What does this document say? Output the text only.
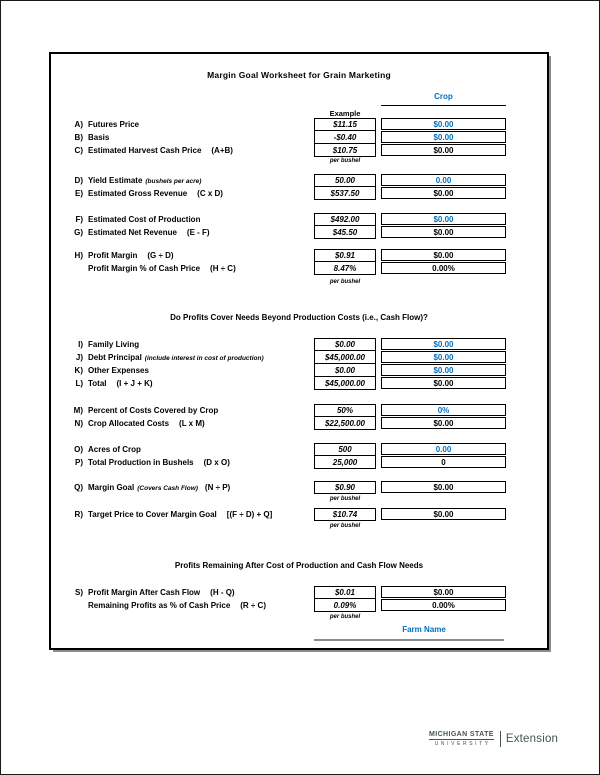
Margin Goal Worksheet for Grain Marketing
Crop
Example
A) Futures Price	$11.15	$0.00
B) Basis	-$0.40	$0.00
C) Estimated Harvest Cash Price (A+B)	$10.75	$0.00
D) Yield Estimate (bushels per acre)	50.00	0.00
E) Estimated Gross Revenue (C x D)	$537.50	$0.00
F) Estimated Cost of Production	$492.00	$0.00
G) Estimated Net Revenue (E - F)	$45.50	$0.00
H) Profit Margin (G ÷ D)	$0.91	$0.00
Profit Margin % of Cash Price (H ÷ C)	8.47%	0.00%
I) Family Living	$0.00	$0.00
J) Debt Principal (include interest in cost of production)	$45,000.00	$0.00
K) Other Expenses	$0.00	$0.00
L) Total (I + J + K)	$45,000.00	$0.00
M) Percent of Costs Covered by Crop	50%	0%
N) Crop Allocated Costs (L x M)	$22,500.00	$0.00
O) Acres of Crop	500	0.00
P) Total Production in Bushels (D x O)	25,000	0
Q) Margin Goal (Covers Cash Flow) (N ÷ P)	$0.90	$0.00
R) Target Price to Cover Margin Goal [(F ÷ D) + Q]	$10.74	$0.00
S) Profit Margin After Cash Flow (H - Q)	$0.01	$0.00
Remaining Profits as % of Cash Price (R ÷ C)	0.09%	0.00%
per bushel
per bushel
per bushel
per bushel
per bushel
Do Profits Cover Needs Beyond Production Costs (i.e., Cash Flow)?
Profits Remaining After Cost of Production and Cash Flow Needs
Farm Name
MICHIGAN STATE
UNIVERSITY Extension
